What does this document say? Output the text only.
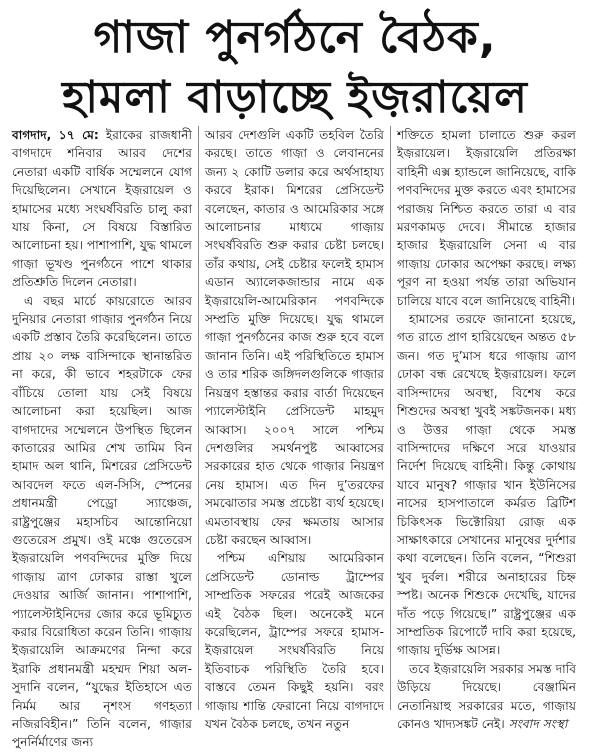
গাজা পুনর্গঠনে বৈঠক,
হামলা বাড়াচ্ছে ইজ়রায়েল

বাগদাদ, ১৭ মে: ইরাকের রাজধানী বাগদাদে শনিবার আরব দেশের নেতারা একটি বার্ষিক সম্মেলনে যোগ দিয়েছিলেন। সেখানে ইজ়রায়েল ও হামাসের মধ্যে সংঘর্ষবিরতি চালু করা যায় কিনা, সে বিষয়ে বিস্তারিত আলোচনা হয়। পাশাপাশি, যুদ্ধ থামলে গাজ়া ভূখণ্ড পুনর্গঠনে পাশে থাকার প্রতিশ্রুতি দিলেন নেতারা।

এ বছর মার্চে কায়রোতে আরব দুনিয়ার নেতারা গাজ়ার পুনর্গঠন নিয়ে একটি প্রস্তাব তৈরি করেছিলেন। তাতে প্রায় ২০ লক্ষ বাসিন্দাকে স্থানান্তরিত না করে, কী ভাবে শহরটাকে ফের বাঁচিয়ে তোলা যায় সেই বিষয়ে আলোচনা করা হয়েছিল। আজ বাগদাদের সম্মেলনে উপস্থিত ছিলেন কাতারের আমির শেখ তামিম বিন হামাদ অল থানি, মিশরের প্রেসিডেন্ট আবদেল ফতে এল-সিসি, স্পেনের প্রধানমন্ত্রী পেড্রো স্যাঞ্চেজ, রাষ্ট্রপুঞ্জের মহাসচিব আন্তোনিয়ো গুতেরেস প্রমুখ। ওই মঞ্চে গুতেরেস ইজ়রায়েলি পণবন্দিদের মুক্তি দিয়ে গাজ়ায় ত্রাণ ঢোকার রাস্তা খুলে দেওয়ার আর্জি জানান। পাশাপাশি, প্যালেস্টাইনিদের জোর করে ভূমিচ্যুত করার বিরোধিতা করেন তিনি। গাজ়ায় ইজ়রায়েলি আক্রমণের নিন্দা করে ইরাকি প্রধানমন্ত্রী মহম্মদ শিয়া অল-সুদানি বলেন, “যুদ্ধের ইতিহাসে এত নির্মম আর নৃশংস গণহত্যা নজিরবিহীন।” তিনি বলেন, গাজ়ার পুনর্নির্মাণের জন্য

আরব দেশগুলি একটি তহবিল তৈরি করছে। তাতে গাজ়া ও লেবাননের জন্য ২ কোটি ডলার করে অর্থসাহায্য করবে ইরাক। মিশরের প্রেসিডেন্ট বলেছেন, কাতার ও আমেরিকার সঙ্গে আলোচনার মাধ্যমে গাজ়ায় সংঘর্ষবিরতি শুরু করার চেষ্টা চলছে। তাঁর কথায়, সেই চেষ্টার ফলেই হামাস এডান অ্যালেকজান্ডার নামে এক ইজ়রায়েলি-আমেরিকান পণবন্দিকে সম্প্রতি মুক্তি দিয়েছে। যুদ্ধ থামলে গাজ়া পুনর্গঠনের কাজ শুরু হবে বলে জানান তিনি। এই পরিস্থিতিতে হামাস ও তার শরিক জঙ্গিদলগুলিকে গাজ়ার নিয়ন্ত্রণ হস্তান্তর করার বার্তা দিয়েছেন প্যালেস্টাইনি প্রেসিডেন্ট মাহমুদ আব্বাস। ২০০৭ সালে পশ্চিম দেশগুলির সমর্থনপুষ্ট আব্বাসের সরকারের হাত থেকে গাজ়ার নিয়ন্ত্রণ নেয় হামাস। এত দিন দু’তরফের সমঝোতার সমস্ত প্রচেষ্টা ব্যর্থ হয়েছে। এমতাবস্থায় ফের ক্ষমতায় আসার চেষ্টা করছেন আব্বাস।

পশ্চিম এশিয়ায় আমেরিকান প্রেসিডেন্ট ডোনাল্ড ট্রাম্পের সাম্প্রতিক সফরের পরেই আজকের এই বৈঠক ছিল। অনেকেই মনে করেছিলেন, ট্রাম্পের সফরে হামাস-ইজ়রায়েল সংঘর্ষবিরতি নিয়ে ইতিবাচক পরিস্থিতি তৈরি হবে। বাস্তবে তেমন কিছুই হয়নি। বরং গাজ়ায় শান্তি ফেরানো নিয়ে বাগদাদে যখন বৈঠক চলছে, তখন নতুন

শক্তিতে হামলা চালাতে শুরু করল ইজ়রায়েল। ইজ়রায়েলি প্রতিরক্ষা বাহিনী এক্স হ্যান্ডলে জানিয়েছে, বাকি পণবন্দিদের মুক্ত করতে এবং হামাসের পরাজয় নিশ্চিত করতে তারা এ বার মরণকামড় দেবে। সীমান্তে হাজার হাজার ইজ়রায়েলি সেনা এ বার গাজ়ায় ঢোকার অপেক্ষা করছে। লক্ষ্য পূরণ না হওয়া পর্যন্ত তারা অভিযান চালিয়ে যাবে বলে জানিয়েছে বাহিনী।

হামাসের তরফে জানানো হয়েছে, গত রাতে প্রাণ হারিয়েছেন অন্তত ৫৮ জন। গত দু’মাস ধরে গাজ়ায় ত্রাণ ঢোকা বন্ধ রেখেছে ইজ়রায়েল। ফলে বাসিন্দাদের অবস্থা, বিশেষ করে শিশুদের অবস্থা খুবই সঙ্কটজনক। মধ্য ও উত্তর গাজ়া থেকে সমস্ত বাসিন্দাদের দক্ষিণে সরে যাওয়ার নির্দেশ দিয়েছে বাহিনী। কিন্তু কোথায় যাবে মানুষ? গাজ়ার খান ইউনিসের নাসের হাসপাতালে কর্মরত ব্রিটিশ চিকিৎসক ভিক্টোরিয়া রোজ় এক সাক্ষাৎকারে সেখানের মানুষের দুর্দশার কথা বলেছেন। তিনি বলেন, “শিশুরা খুব দুর্বল। শরীরে অনাহারের চিহ্ন স্পষ্ট। অনেক শিশুকে দেখেছি, যাদের দাঁত পড়ে গিয়েছে।” রাষ্ট্রপুঞ্জের এক সাম্প্রতিক রিপোর্টে দাবি করা হয়েছে, গাজ়ায় দুর্ভিক্ষ আসন্ন।

তবে ইজ়রায়েলি সরকার সমস্ত দাবি উড়িয়ে দিয়েছে। বেঞ্জামিন নেতানিয়াহু সরকারের মতে, গাজ়ায় কোনও খাদ্যসঙ্কট নেই। সংবাদ সংস্থা
